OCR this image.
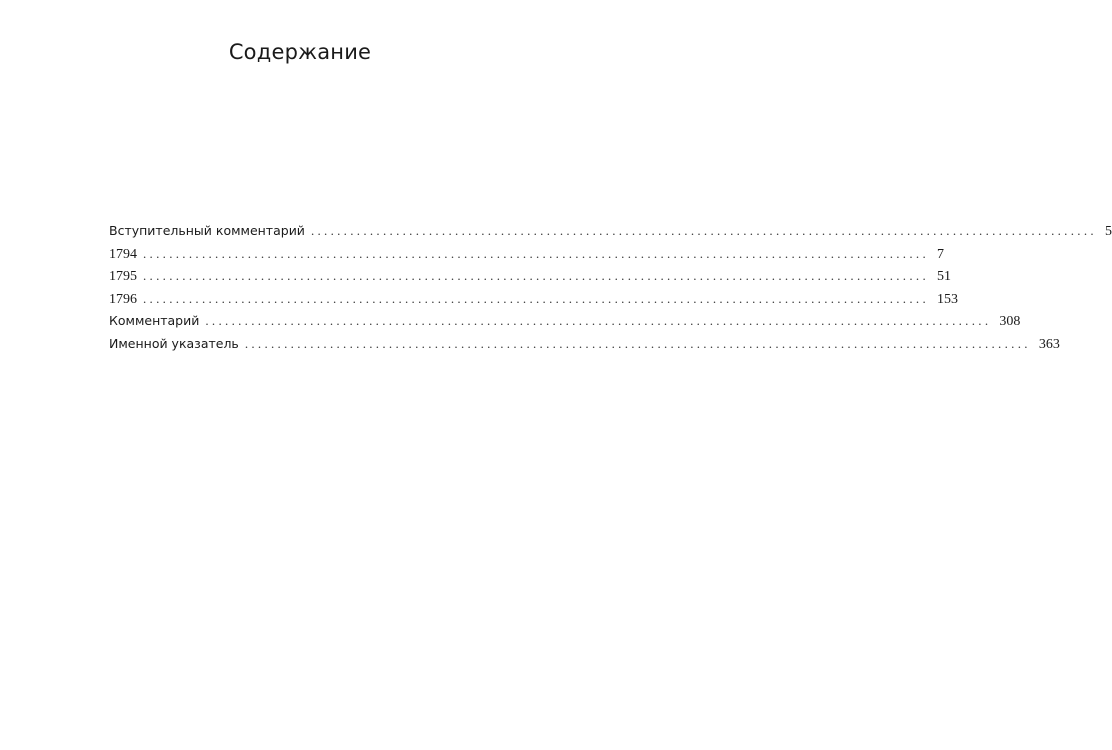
Содержание
Вступительный комментарий ........................................................................................................................ 5
1794 ........................................................................................................................ 7
1795 ........................................................................................................................ 51
1796 ........................................................................................................................ 153
Комментарий ........................................................................................................................ 308
Именной указатель ........................................................................................................................ 363
